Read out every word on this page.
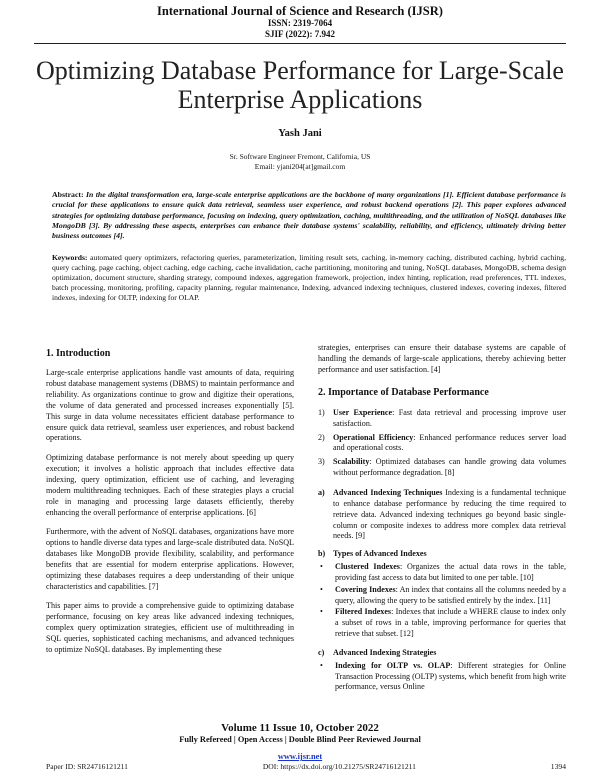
International Journal of Science and Research (IJSR)
ISSN: 2319-7064
SJIF (2022): 7.942
Optimizing Database Performance for Large-Scale Enterprise Applications
Yash Jani
Sr. Software Engineer Fremont, California, US
Email: yjani204[at]gmail.com
Abstract: In the digital transformation era, large-scale enterprise applications are the backbone of many organizations [1]. Efficient database performance is crucial for these applications to ensure quick data retrieval, seamless user experience, and robust backend operations [2]. This paper explores advanced strategies for optimizing database performance, focusing on indexing, query optimization, caching, multithreading, and the utilization of NoSQL databases like MongoDB [3]. By addressing these aspects, enterprises can enhance their database systems' scalability, reliability, and efficiency, ultimately driving better business outcomes [4].
Keywords: automated query optimizers, refactoring queries, parameterization, limiting result sets, caching, in-memory caching, distributed caching, hybrid caching, query caching, page caching, object caching, edge caching, cache invalidation, cache partitioning, monitoring and tuning, NoSQL databases, MongoDB, schema design optimization, document structure, sharding strategy, compound indexes, aggregation framework, projection, index hinting, replication, read preferences, TTL indexes, batch processing, monitoring, profiling, capacity planning, regular maintenance, Indexing, advanced indexing techniques, clustered indexes, covering indexes, filtered indexes, indexing for OLTP, indexing for OLAP.
1. Introduction

Large-scale enterprise applications handle vast amounts of data, requiring robust database management systems (DBMS) to maintain performance and reliability. As organizations continue to grow and digitize their operations, the volume of data generated and processed increases exponentially [5]. This surge in data volume necessitates efficient database performance to ensure quick data retrieval, seamless user experiences, and robust backend operations.

Optimizing database performance is not merely about speeding up query execution; it involves a holistic approach that includes effective data indexing, query optimization, efficient use of caching, and leveraging modern multithreading techniques. Each of these strategies plays a crucial role in managing and processing large datasets efficiently, thereby enhancing the overall performance of enterprise applications. [6]

Furthermore, with the advent of NoSQL databases, organizations have more options to handle diverse data types and large-scale distributed data. NoSQL databases like MongoDB provide flexibility, scalability, and performance benefits that are essential for modern enterprise applications. However, optimizing these databases requires a deep understanding of their unique characteristics and capabilities. [7]

This paper aims to provide a comprehensive guide to optimizing database performance, focusing on key areas like advanced indexing techniques, complex query optimization strategies, efficient use of multithreading in SQL queries, sophisticated caching mechanisms, and advanced techniques to optimize NoSQL databases. By implementing these

strategies, enterprises can ensure their database systems are capable of handling the demands of large-scale applications, thereby achieving better performance and user satisfaction. [4]

2. Importance of Database Performance
1)	User Experience: Fast data retrieval and processing improve user satisfaction.
2)	Operational Efficiency: Enhanced performance reduces server load and operational costs.
3)	Scalability: Optimized databases can handle growing data volumes without performance degradation. [8]
a)	Advanced Indexing Techniques Indexing is a fundamental technique to enhance database performance by reducing the time required to retrieve data. Advanced indexing techniques go beyond basic single-column or composite indexes to address more complex data retrieval needs. [9]
b) Types of Advanced Indexes
•	Clustered Indexes: Organizes the actual data rows in the table, providing fast access to data but limited to one per table. [10]
•	Covering Indexes: An index that contains all the columns needed by a query, allowing the query to be satisfied entirely by the index. [11]
•	Filtered Indexes: Indexes that include a WHERE clause to index only a subset of rows in a table, improving performance for queries that retrieve that subset. [12]
c)	Advanced Indexing Strategies
•	Indexing for OLTP vs. OLAP: Different strategies for Online Transaction Processing (OLTP) systems, which benefit from high write performance, versus Online
Volume 11 Issue 10, October 2022
Fully Refereed | Open Access | Double Blind Peer Reviewed Journal
www.ijsr.net
Paper ID: SR24716121211	DOI: https://dx.doi.org/10.21275/SR24716121211	1394
